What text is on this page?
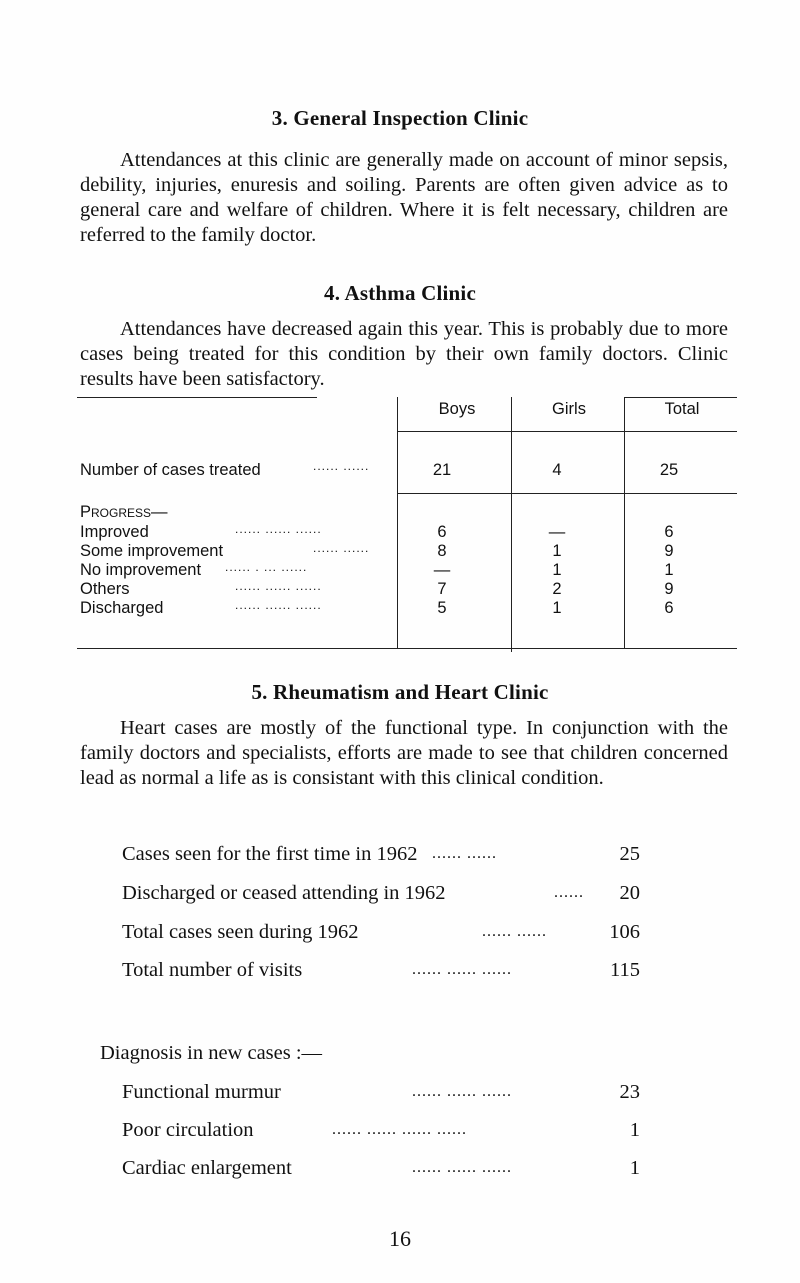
3. General Inspection Clinic

Attendances at this clinic are generally made on account of minor sepsis, debility, injuries, enuresis and soiling. Parents are often given advice as to general care and welfare of children. Where it is felt necessary, children are referred to the family doctor.

4. Asthma Clinic

Attendances have decreased again this year. This is probably due to more cases being treated for this condition by their own family doctors. Clinic results have been satisfactory.

Boys	Girls	Total
Number of cases treated	...... ......	21	4	25
Progress—
Improved	...... ...... ......	6	—	6
Some improvement	...... ......	8	1	9
No improvement ...... . ... ......	—	1	1
Others	...... ...... ......	7	2	9
Discharged	...... ...... ......	5	1	6
5. Rheumatism and Heart Clinic

Heart cases are mostly of the functional type. In conjunction with the family doctors and specialists, efforts are made to see that children concerned lead as normal a life as is consistant with this clinical condition.

Cases seen for the first time in 1962 ...... ......	25
Discharged or ceased attending in 1962	......	20
Total cases seen during 1962	...... ......	106
Total number of visits	...... ...... ......	115
Diagnosis in new cases :—
Functional murmur	...... ...... ......	23
Poor circulation	...... ...... ...... ......	1
Cardiac enlargement	...... ...... ......	1
16
